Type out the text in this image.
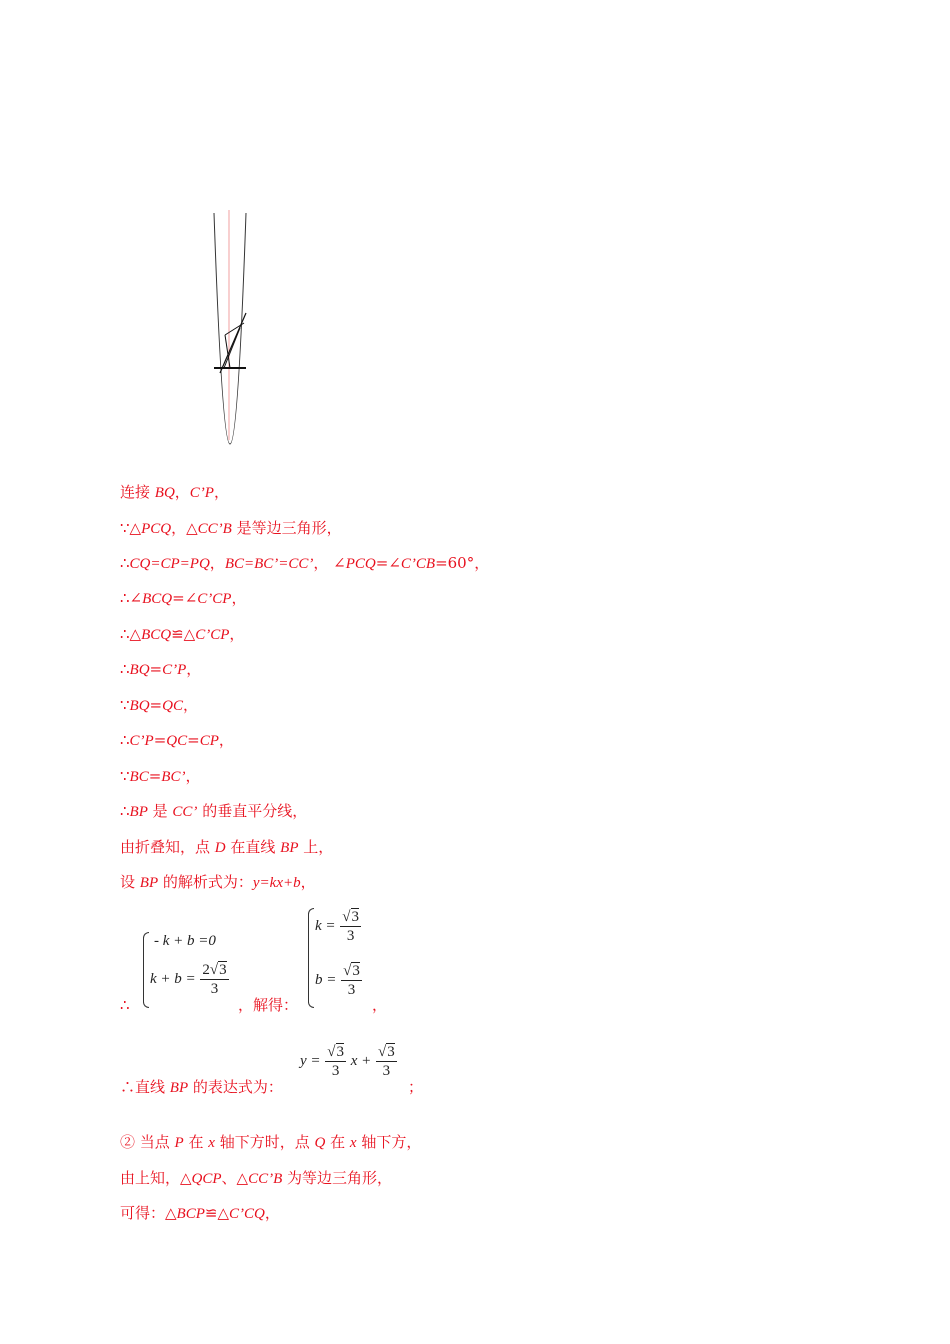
连接 BQ，C’P，
∵△PCQ，△CC’B 是等边三角形，
∴CQ=CP=PQ，BC=BC’=CC’， ∠PCQ=∠C’CB=60°，
∴∠BCQ=∠C’CP，
∴△BCQ≌△C’CP，
∴BQ=C’P，
∵BQ=QC，
∴C’P=QC=CP，
∵BC=BC’，
∴BP 是 CC’ 的垂直平分线，
由折叠知，点 D 在直线 BP 上，
设 BP 的解析式为：y=kx+b，
∴
- k + b =0
$k + b = \frac{2√3}{3}$
，解得：
$k = \frac{√3}{3}$
$b = \frac{√3}{3}$
，
∴直线 BP 的表达式为：
$y = \frac{√3}{3}$ $x + \frac{√3}{3}$
；
② 当点 P 在 x 轴下方时，点 Q 在 x 轴下方，
由上知，△QCP、△CC’B 为等边三角形，
可得：△BCP≌△C’CQ，
